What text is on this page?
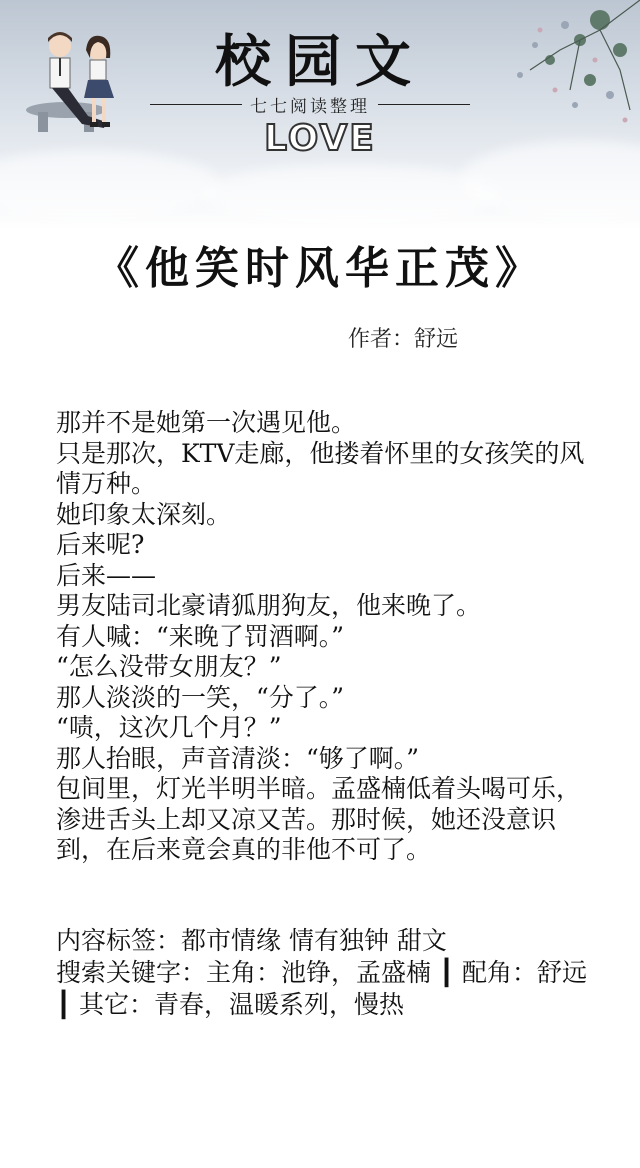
校园文
七七阅读整理
LOVE
《他笑时风华正茂》
作者：舒远
那并不是她第一次遇见他。
只是那次，KTV走廊，他搂着怀里的女孩笑的风情万种。
她印象太深刻。
后来呢?
后来——
男友陆司北豪请狐朋狗友，他来晚了。
有人喊：“来晚了罚酒啊。”
“怎么没带女朋友？”
那人淡淡的一笑，“分了。”
“啧，这次几个月？”
那人抬眼，声音清淡：“够了啊。”
包间里，灯光半明半暗。孟盛楠低着头喝可乐，渗进舌头上却又凉又苦。那时候，她还没意识到，在后来竟会真的非他不可了。
内容标签：都市情缘 情有独钟 甜文
搜索关键字：主角：池铮，孟盛楠 ┃ 配角：舒远 ┃ 其它：青春，温暖系列，慢热
